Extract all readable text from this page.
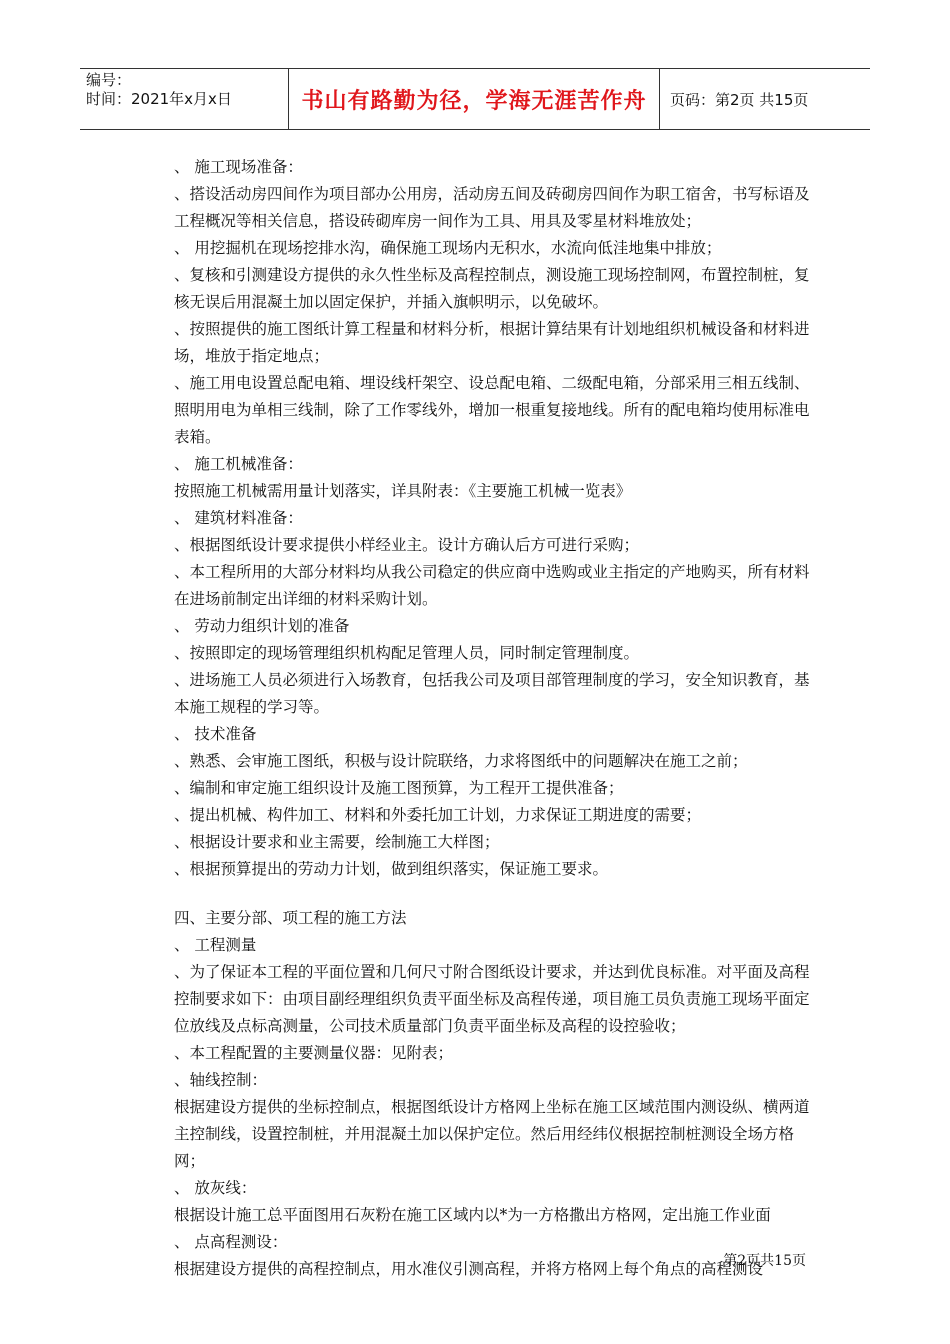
编号：
时间：2021年x月x日	书山有路勤为径，学海无涯苦作舟	页码：第2页 共15页

、 施工现场准备：

、搭设活动房四间作为项目部办公用房，活动房五间及砖砌房四间作为职工宿舍，书写标语及工程概况等相关信息，搭设砖砌库房一间作为工具、用具及零星材料堆放处；

、 用挖掘机在现场挖排水沟，确保施工现场内无积水，水流向低洼地集中排放；

、复核和引测建设方提供的永久性坐标及高程控制点，测设施工现场控制网，布置控制桩，复核无误后用混凝土加以固定保护，并插入旗帜明示，以免破坏。

、按照提供的施工图纸计算工程量和材料分析，根据计算结果有计划地组织机械设备和材料进场，堆放于指定地点；

、施工用电设置总配电箱、埋设线杆架空、设总配电箱、二级配电箱，分部采用三相五线制、照明用电为单相三线制，除了工作零线外，增加一根重复接地线。所有的配电箱均使用标准电表箱。

、 施工机械准备：

按照施工机械需用量计划落实，详具附表：《主要施工机械一览表》

、 建筑材料准备：

、根据图纸设计要求提供小样经业主。设计方确认后方可进行采购；

、本工程所用的大部分材料均从我公司稳定的供应商中选购或业主指定的产地购买，所有材料在进场前制定出详细的材料采购计划。

、 劳动力组织计划的准备

、按照即定的现场管理组织机构配足管理人员，同时制定管理制度。

、进场施工人员必须进行入场教育，包括我公司及项目部管理制度的学习，安全知识教育，基本施工规程的学习等。

、 技术准备

、熟悉、会审施工图纸，积极与设计院联络，力求将图纸中的问题解决在施工之前；

、编制和审定施工组织设计及施工图预算，为工程开工提供准备；

、提出机械、构件加工、材料和外委托加工计划，力求保证工期进度的需要；

、根据设计要求和业主需要，绘制施工大样图；

、根据预算提出的劳动力计划，做到组织落实，保证施工要求。

四、主要分部、项工程的施工方法

、 工程测量

、为了保证本工程的平面位置和几何尺寸附合图纸设计要求，并达到优良标准。对平面及高程控制要求如下：由项目副经理组织负责平面坐标及高程传递，项目施工员负责施工现场平面定位放线及点标高测量，公司技术质量部门负责平面坐标及高程的设控验收；

、本工程配置的主要测量仪器：见附表；

、轴线控制：

根据建设方提供的坐标控制点，根据图纸设计方格网上坐标在施工区域范围内测设纵、横两道主控制线，设置控制桩，并用混凝土加以保护定位。然后用经纬仪根据控制桩测设全场方格网；

、 放灰线：

根据设计施工总平面图用石灰粉在施工区域内以*为一方格撒出方格网，定出施工作业面

、 点高程测设：

根据建设方提供的高程控制点，用水准仪引测高程，并将方格网上每个角点的高程测设

第2页共15页
